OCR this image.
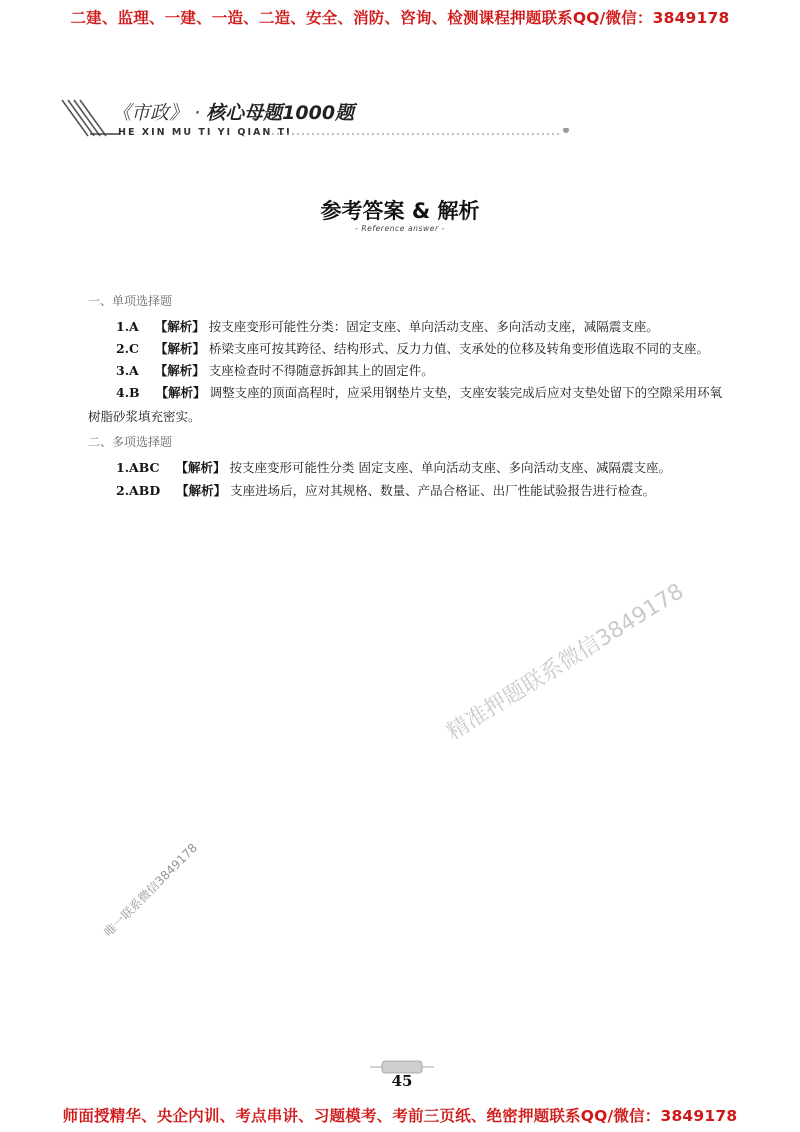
二建、监理、一建、一造、二造、安全、消防、咨询、检测课程押题联系QQ/微信：3849178
师面授精华、央企内训、考点串讲、习题模考、考前三页纸、绝密押题联系QQ/微信：3849178
《市政》 · 核心母题1000题
HE XIN MU TI YI QIAN TI
参考答案 & 解析
- Reference answer -
一、单项选择题
1.A 【解析】 按支座变形可能性分类：固定支座、单向活动支座、多向活动支座，减隔震支座。
2.C 【解析】 桥梁支座可按其跨径、结构形式、反力力值、支承处的位移及转角变形值选取不同的支座。
3.A 【解析】 支座检查时不得随意拆卸其上的固定件。
4.B 【解析】 调整支座的顶面高程时，应采用钢垫片支垫，支座安装完成后应对支垫处留下的空隙采用环氧树脂砂浆填充密实。
二、多项选择题
1.ABC 【解析】 按支座变形可能性分类 固定支座、单向活动支座、多向活动支座、减隔震支座。
2.ABD 【解析】 支座进场后，应对其规格、数量、产品合格证、出厂性能试验报告进行检查。
精准押题联系微信3849178
唯一联系微信3849178
45
